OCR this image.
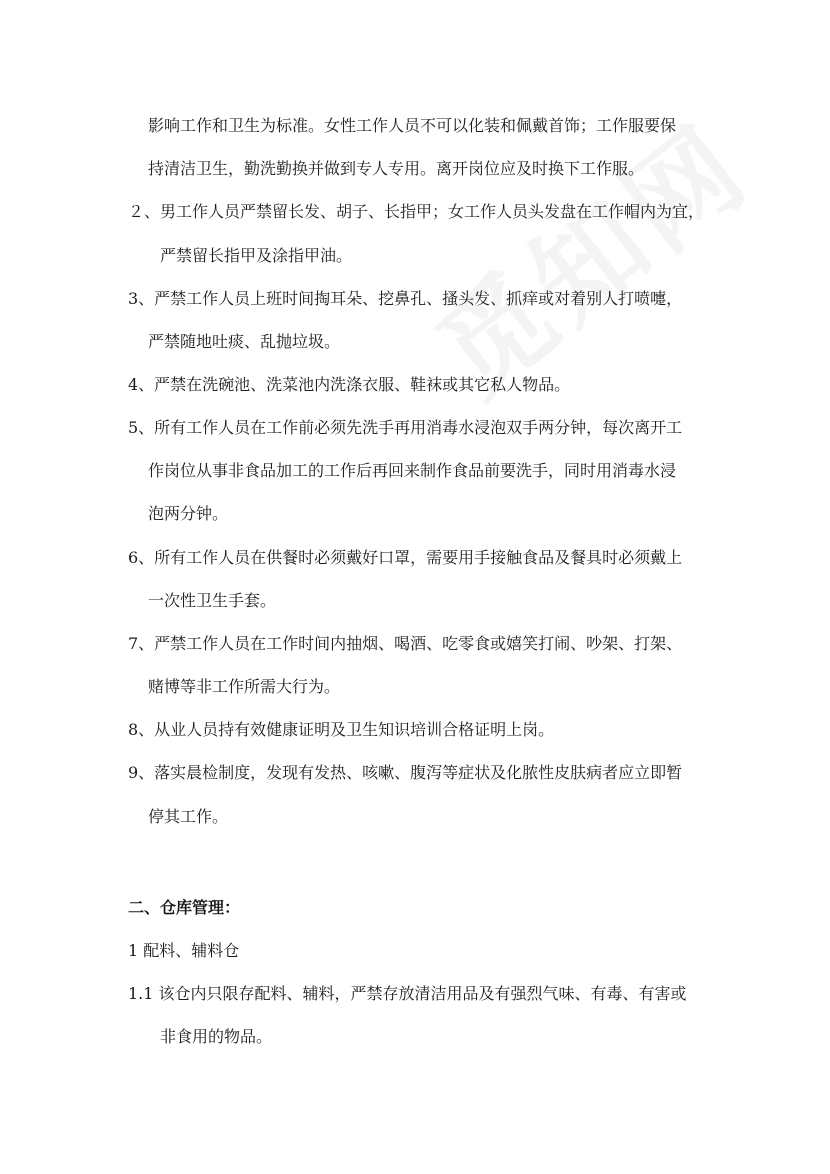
影响工作和卫生为标准。女性工作人员不可以化装和佩戴首饰；工作服要保
持清洁卫生，勤洗勤换并做到专人专用。离开岗位应及时换下工作服。
２、男工作人员严禁留长发、胡子、长指甲；女工作人员头发盘在工作帽内为宜，
严禁留长指甲及涂指甲油。
3、严禁工作人员上班时间掏耳朵、挖鼻孔、搔头发、抓痒或对着别人打喷嚏，
严禁随地吐痰、乱抛垃圾。
4、严禁在洗碗池、洗菜池内洗涤衣服、鞋袜或其它私人物品。
5、所有工作人员在工作前必须先洗手再用消毒水浸泡双手两分钟，每次离开工
作岗位从事非食品加工的工作后再回来制作食品前要洗手，同时用消毒水浸
泡两分钟。
6、所有工作人员在供餐时必须戴好口罩，需要用手接触食品及餐具时必须戴上
一次性卫生手套。
7、严禁工作人员在工作时间内抽烟、喝酒、吃零食或嬉笑打闹、吵架、打架、
赌博等非工作所需大行为。
8、从业人员持有效健康证明及卫生知识培训合格证明上岗。
9、落实晨检制度，发现有发热、咳嗽、腹泻等症状及化脓性皮肤病者应立即暂
停其工作。
二、仓库管理：
1 配料、辅料仓
1.1 该仓内只限存配料、辅料，严禁存放清洁用品及有强烈气味、有毒、有害或
非食用的物品。
